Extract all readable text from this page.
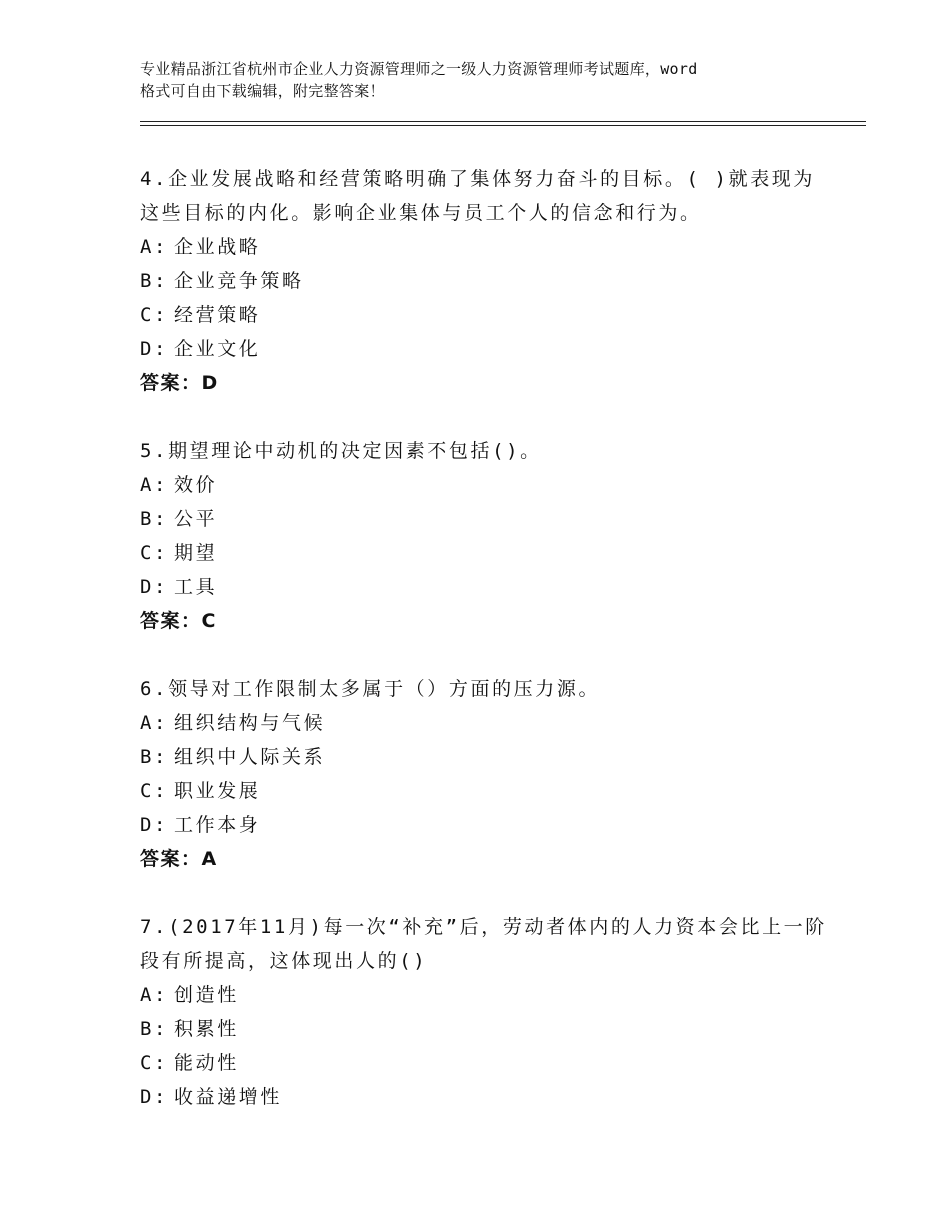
专业精品浙江省杭州市企业人力资源管理师之一级人力资源管理师考试题库，word
格式可自由下载编辑，附完整答案！
4.企业发展战略和经营策略明确了集体努力奋斗的目标。( )就表现为这些目标的内化。影响企业集体与员工个人的信念和行为。
A: 企业战略
B: 企业竞争策略
C: 经营策略
D: 企业文化
答案：D
5.期望理论中动机的决定因素不包括()。
A: 效价
B: 公平
C: 期望
D: 工具
答案：C
6.领导对工作限制太多属于（）方面的压力源。
A: 组织结构与气候
B: 组织中人际关系
C: 职业发展
D: 工作本身
答案：A
7.(2017年11月)每一次“补充”后，劳动者体内的人力资本会比上一阶段有所提高，这体现出人的()
A: 创造性
B: 积累性
C: 能动性
D: 收益递增性
